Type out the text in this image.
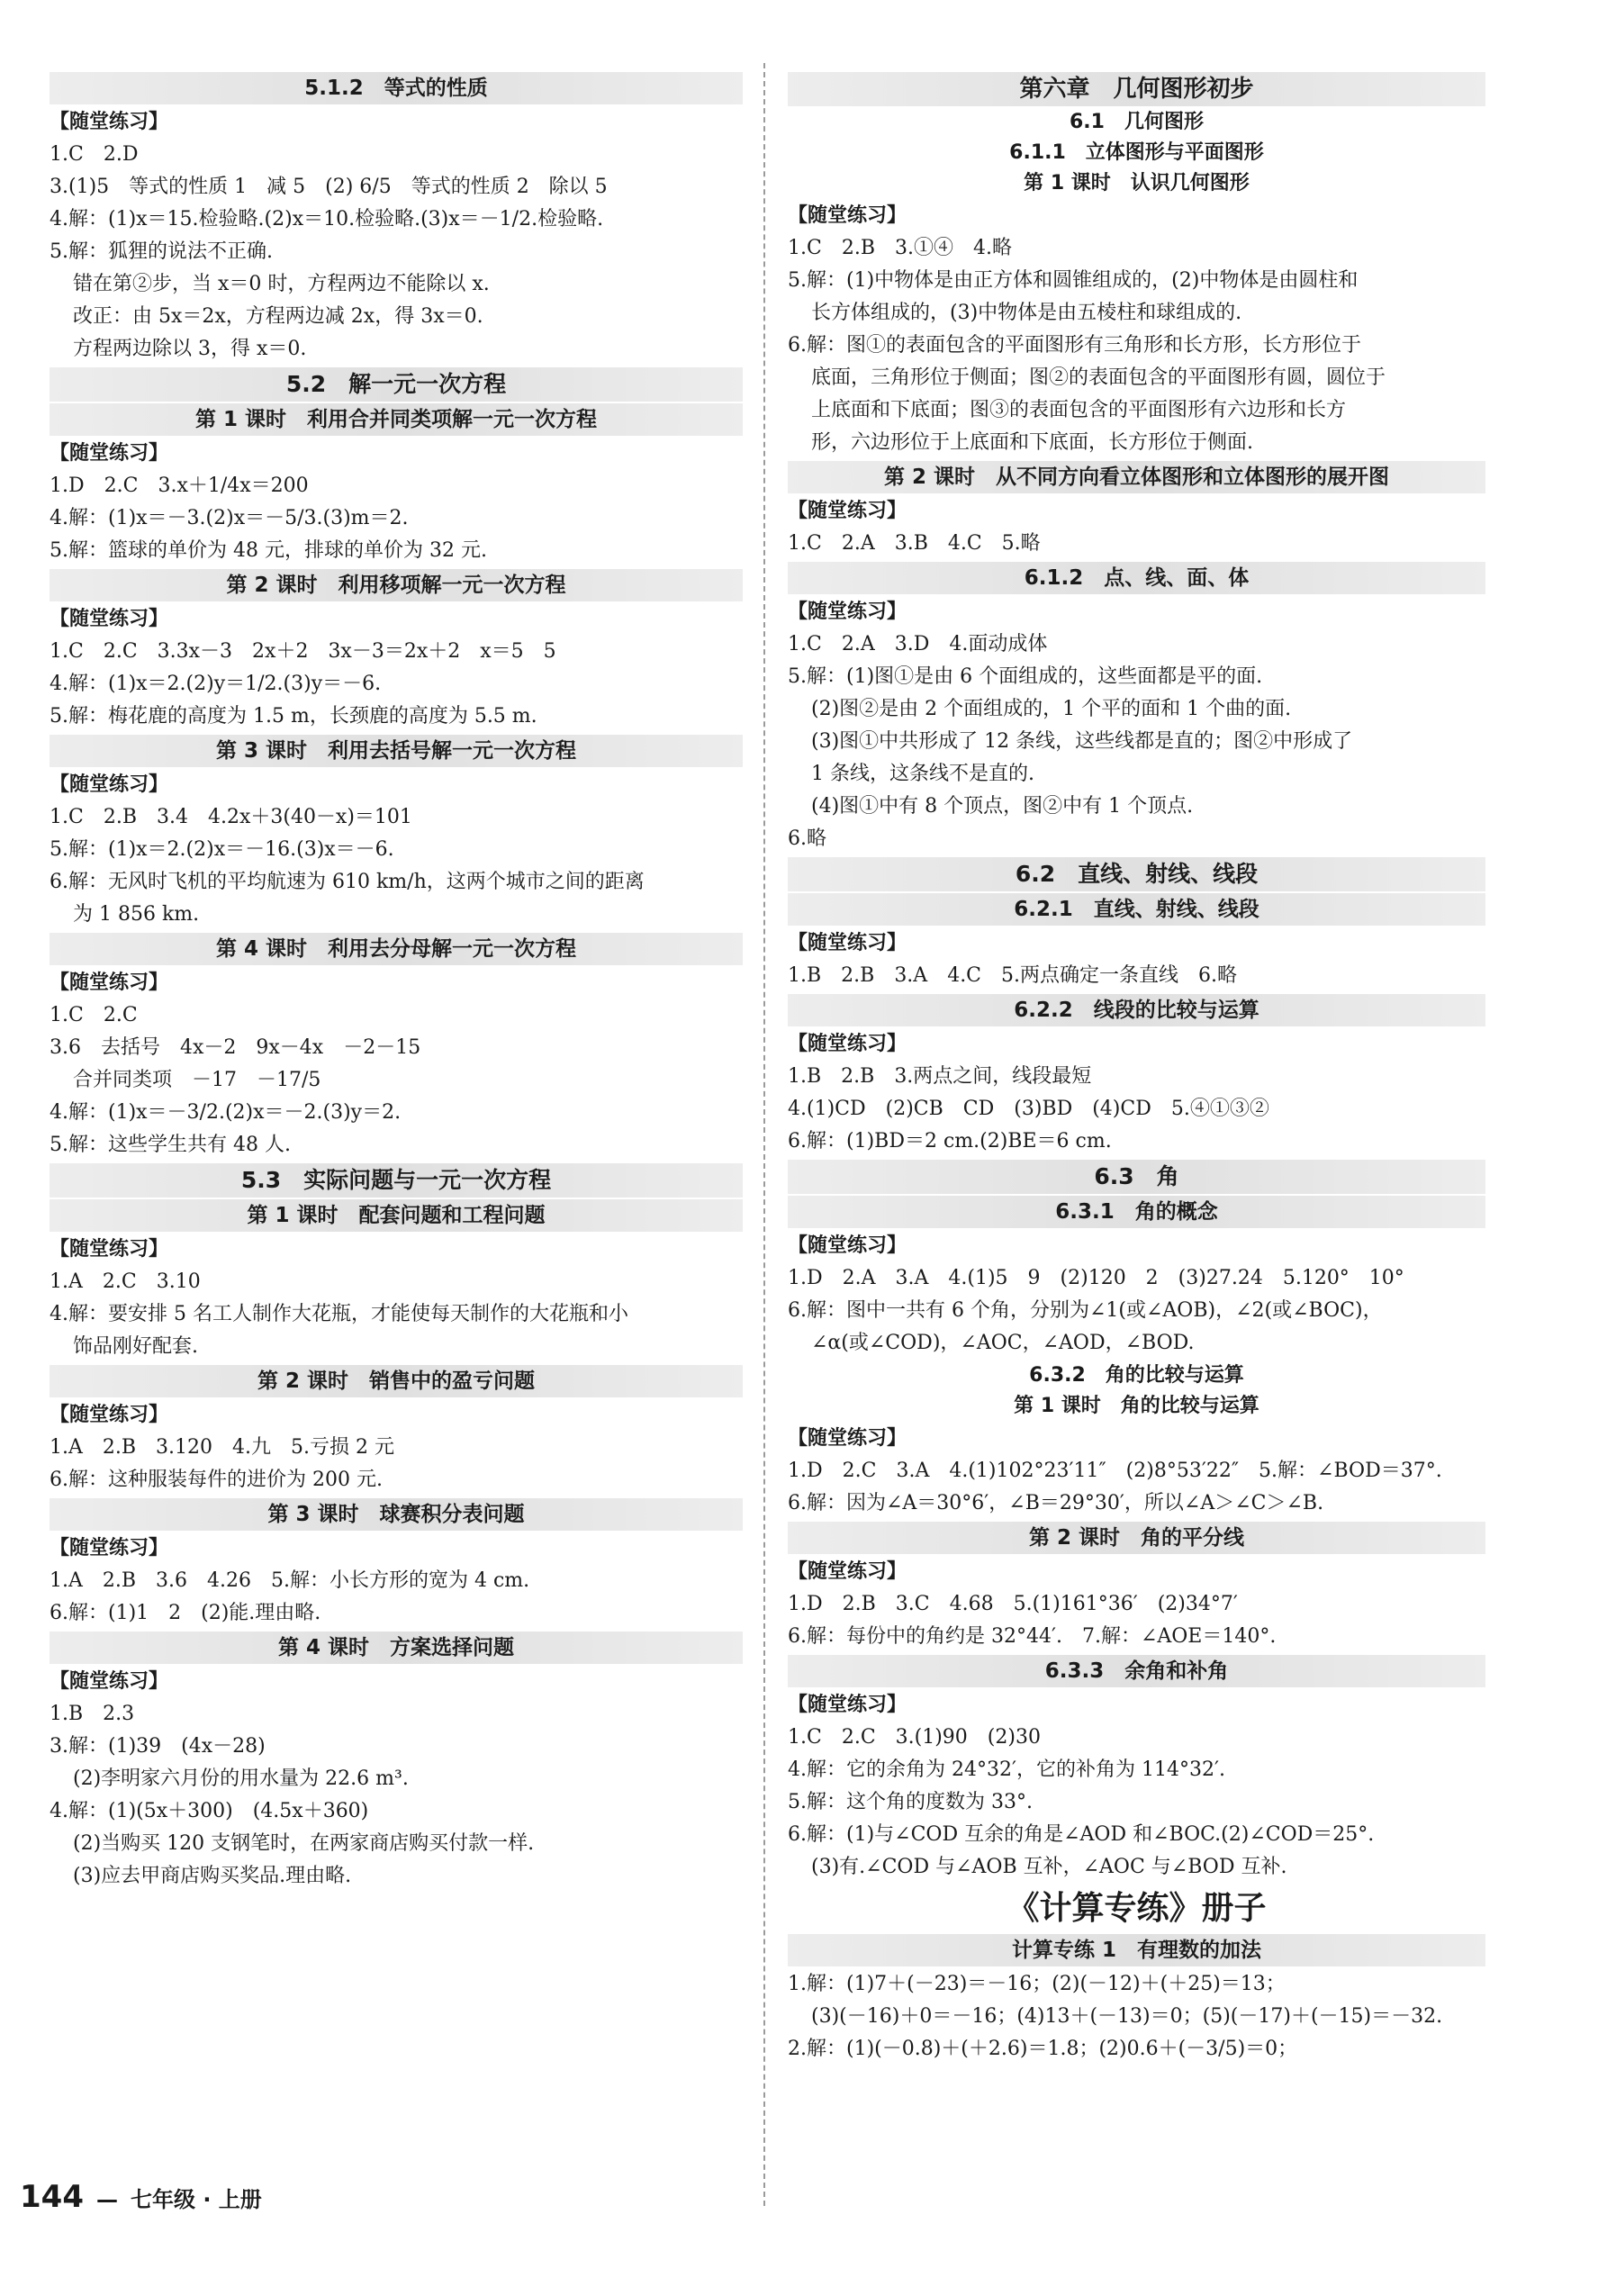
5.1.2　等式的性质
【随堂练习】
1.C　2.D
3.(1)5　等式的性质 1　减 5　(2) 6/5　等式的性质 2　除以 5
4.解：(1)x＝15.检验略.(2)x＝10.检验略.(3)x＝－1/2.检验略.
5.解：狐狸的说法不正确.
错在第②步，当 x＝0 时，方程两边不能除以 x.
改正：由 5x＝2x，方程两边减 2x，得 3x＝0.
方程两边除以 3，得 x＝0.
5.2　解一元一次方程
第 1 课时　利用合并同类项解一元一次方程
【随堂练习】
1.D　2.C　3.x＋1/4x＝200
4.解：(1)x＝－3.(2)x＝－5/3.(3)m＝2.
5.解：篮球的单价为 48 元，排球的单价为 32 元.
第 2 课时　利用移项解一元一次方程
【随堂练习】
1.C　2.C　3.3x－3　2x＋2　3x－3＝2x＋2　x＝5　5
4.解：(1)x＝2.(2)y＝1/2.(3)y＝－6.
5.解：梅花鹿的高度为 1.5 m，长颈鹿的高度为 5.5 m.
第 3 课时　利用去括号解一元一次方程
【随堂练习】
1.C　2.B　3.4　4.2x＋3(40－x)＝101
5.解：(1)x＝2.(2)x＝－16.(3)x＝－6.
6.解：无风时飞机的平均航速为 610 km/h，这两个城市之间的距离
为 1 856 km.
第 4 课时　利用去分母解一元一次方程
【随堂练习】
1.C　2.C
3.6　去括号　4x－2　9x－4x　－2－15
合并同类项　－17　－17/5
4.解：(1)x＝－3/2.(2)x＝－2.(3)y＝2.
5.解：这些学生共有 48 人.
5.3　实际问题与一元一次方程
第 1 课时　配套问题和工程问题
【随堂练习】
1.A　2.C　3.10
4.解：要安排 5 名工人制作大花瓶，才能使每天制作的大花瓶和小
饰品刚好配套.
第 2 课时　销售中的盈亏问题
【随堂练习】
1.A　2.B　3.120　4.九　5.亏损 2 元
6.解：这种服装每件的进价为 200 元.
第 3 课时　球赛积分表问题
【随堂练习】
1.A　2.B　3.6　4.26　5.解：小长方形的宽为 4 cm.
6.解：(1)1　2　(2)能.理由略.
第 4 课时　方案选择问题
【随堂练习】
1.B　2.3
3.解：(1)39　(4x－28)
(2)李明家六月份的用水量为 22.6 m³.
4.解：(1)(5x＋300)　(4.5x＋360)
(2)当购买 120 支钢笔时，在两家商店购买付款一样.
(3)应去甲商店购买奖品.理由略.
第六章　几何图形初步
6.1　几何图形
6.1.1　立体图形与平面图形
第 1 课时　认识几何图形
【随堂练习】
1.C　2.B　3.①④　4.略
5.解：(1)中物体是由正方体和圆锥组成的，(2)中物体是由圆柱和
长方体组成的，(3)中物体是由五棱柱和球组成的.
6.解：图①的表面包含的平面图形有三角形和长方形，长方形位于
底面，三角形位于侧面；图②的表面包含的平面图形有圆，圆位于
上底面和下底面；图③的表面包含的平面图形有六边形和长方
形，六边形位于上底面和下底面，长方形位于侧面.
第 2 课时　从不同方向看立体图形和立体图形的展开图
【随堂练习】
1.C　2.A　3.B　4.C　5.略
6.1.2　点、线、面、体
【随堂练习】
1.C　2.A　3.D　4.面动成体
5.解：(1)图①是由 6 个面组成的，这些面都是平的面.
(2)图②是由 2 个面组成的，1 个平的面和 1 个曲的面.
(3)图①中共形成了 12 条线，这些线都是直的；图②中形成了
1 条线，这条线不是直的.
(4)图①中有 8 个顶点，图②中有 1 个顶点.
6.略
6.2　直线、射线、线段
6.2.1　直线、射线、线段
【随堂练习】
1.B　2.B　3.A　4.C　5.两点确定一条直线　6.略
6.2.2　线段的比较与运算
【随堂练习】
1.B　2.B　3.两点之间，线段最短
4.(1)CD　(2)CB　CD　(3)BD　(4)CD　5.④①③②
6.解：(1)BD＝2 cm.(2)BE＝6 cm.
6.3　角
6.3.1　角的概念
【随堂练习】
1.D　2.A　3.A　4.(1)5　9　(2)120　2　(3)27.24　5.120°　10°
6.解：图中一共有 6 个角，分别为∠1(或∠AOB)，∠2(或∠BOC)，
∠α(或∠COD)，∠AOC，∠AOD，∠BOD.
6.3.2　角的比较与运算
第 1 课时　角的比较与运算
【随堂练习】
1.D　2.C　3.A　4.(1)102°23′11″　(2)8°53′22″　5.解：∠BOD＝37°.
6.解：因为∠A＝30°6′，∠B＝29°30′，所以∠A＞∠C＞∠B.
第 2 课时　角的平分线
【随堂练习】
1.D　2.B　3.C　4.68　5.(1)161°36′　(2)34°7′
6.解：每份中的角约是 32°44′.　7.解：∠AOE＝140°.
6.3.3　余角和补角
【随堂练习】
1.C　2.C　3.(1)90　(2)30
4.解：它的余角为 24°32′，它的补角为 114°32′.
5.解：这个角的度数为 33°.
6.解：(1)与∠COD 互余的角是∠AOD 和∠BOC.(2)∠COD＝25°.
(3)有.∠COD 与∠AOB 互补，∠AOC 与∠BOD 互补.
《计算专练》册子
计算专练 1　有理数的加法
1.解：(1)7＋(－23)＝－16；(2)(－12)＋(＋25)＝13；
(3)(－16)＋0＝－16；(4)13＋(－13)＝0；(5)(－17)＋(－15)＝－32.
2.解：(1)(－0.8)＋(＋2.6)＝1.8；(2)0.6＋(－3/5)＝0；
144 — 七年级 · 上册
